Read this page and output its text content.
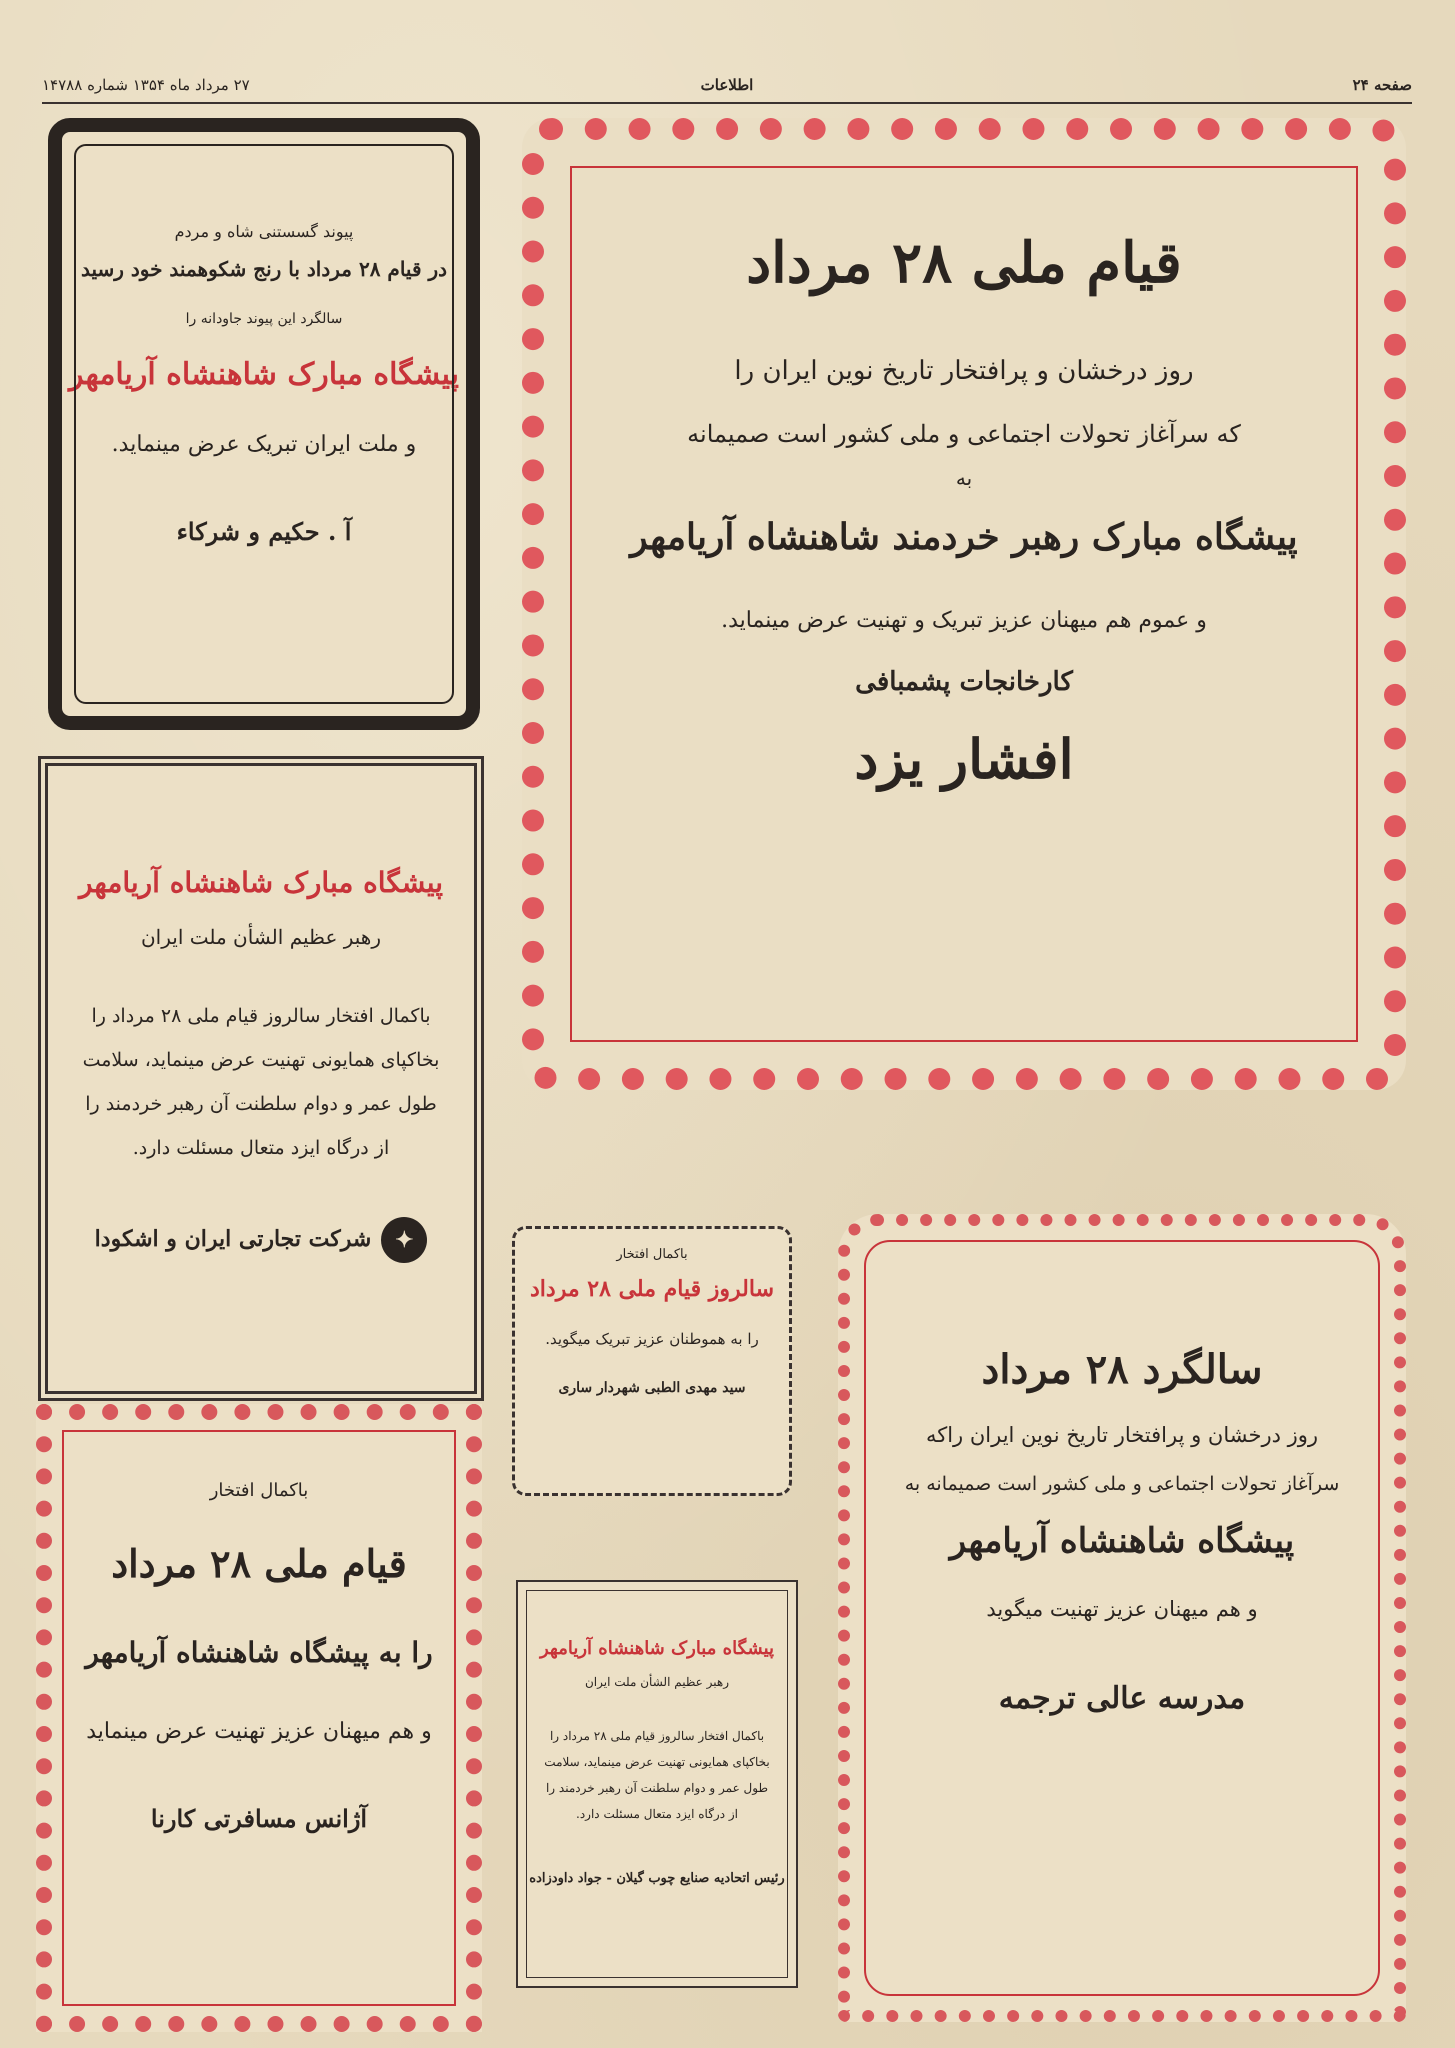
صفحه ۲۴
اطلاعات
۲۷ مرداد ماه ۱۳۵۴ شماره ۱۴۷۸۸
پیوند گسستنی شاه و مردم
در قیام ۲۸ مرداد با رنج شکوهمند خود رسید
سالگرد این پیوند جاودانه را
پیشگاه مبارک شاهنشاه آریامهر
و ملت ایران تبریک عرض مینماید.
آ . حکیم و شرکاء
پیشگاه مبارک شاهنشاه آریامهر
رهبر عظیم الشأن ملت ایران
باکمال افتخار سالروز قیام ملی ۲۸ مرداد را
بخاکپای همایونی تهنیت عرض مینماید، سلامت
طول عمر و دوام سلطنت آن رهبر خردمند را
از درگاه ایزد متعال مسئلت دارد.
✦شرکت تجارتی ایران و اشکودا
باکمال افتخار
قیام ملی ۲۸ مرداد
را به پیشگاه شاهنشاه آریامهر
و هم میهنان عزیز تهنیت عرض مینماید
آژانس مسافرتی کارنا
قیام ملی ۲۸ مرداد
روز درخشان و پرافتخار تاریخ نوین ایران را
که سرآغاز تحولات اجتماعی و ملی کشور است صمیمانه
به
پیشگاه مبارک رهبر خردمند شاهنشاه آریامهر
و عموم هم میهنان عزیز تبریک و تهنیت عرض مینماید.
کارخانجات پشمبافی
افشار یزد
باکمال افتخار
سالروز قیام ملی ۲۸ مرداد
را به هموطنان عزیز تبریک میگوید.
سید مهدی الطبی شهردار ساری
پیشگاه مبارک شاهنشاه آریامهر
رهبر عظیم الشأن ملت ایران
باکمال افتخار سالروز قیام ملی ۲۸ مرداد را
بخاکپای همایونی تهنیت عرض مینماید، سلامت
طول عمر و دوام سلطنت آن رهبر خردمند را
از درگاه ایزد متعال مسئلت دارد.
رئیس اتحادیه صنایع چوب گیلان - جواد داودزاده
سالگرد ۲۸ مرداد
روز درخشان و پرافتخار تاریخ نوین ایران راکه
سرآغاز تحولات اجتماعی و ملی کشور است صمیمانه به
پیشگاه شاهنشاه آریامهر
و هم میهنان عزیز تهنیت میگوید
مدرسه عالی ترجمه
